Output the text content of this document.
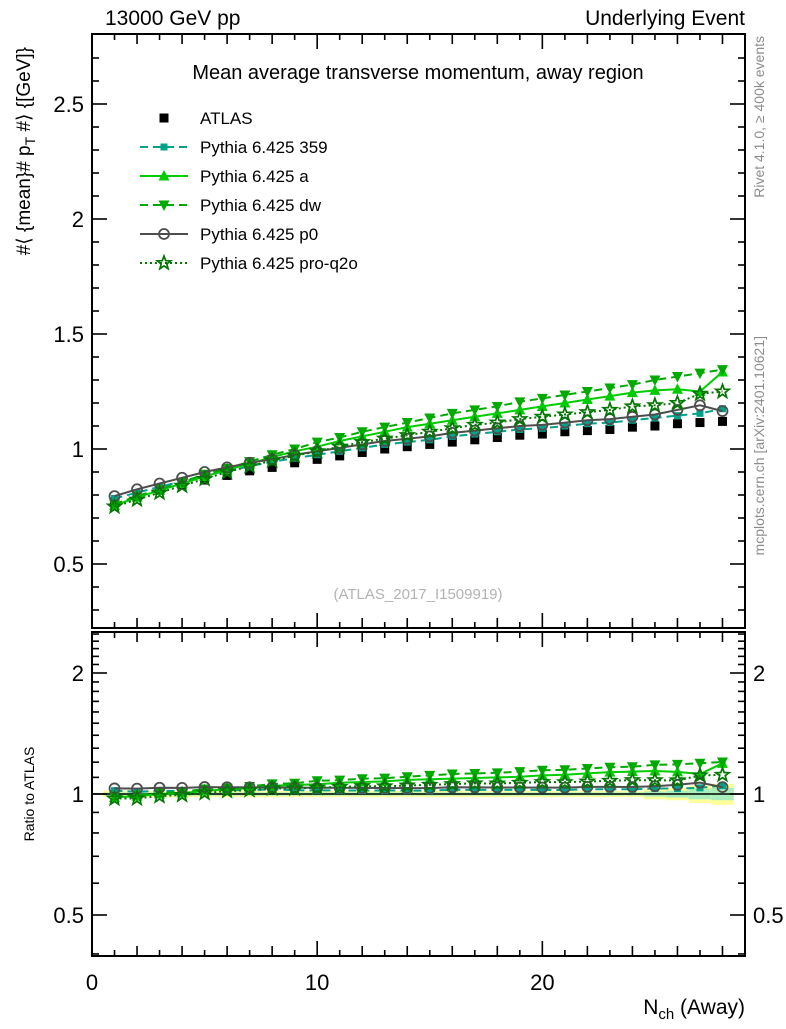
13000 GeV pp	Underlying Event
Mean average transverse momentum, away region
(ATLAS_2017_I1509919)
Rivet 4.1.0, ≥ 400k events
mcplots.cern.ch [arXiv:2401.10621]
Ratio to ATLAS
0.5
1
1.5
2
2.5
0.5	0.5
1	1
2	2
0	10	20
$N_{ch}$ (Away)
#⟨ {mean}# $p_T$ #⟩ {[GeV]}	ATLAS
Pythia 6.425 359
Pythia 6.425 a
Pythia 6.425 dw
Pythia 6.425 p0
Pythia 6.425 pro-q2o
